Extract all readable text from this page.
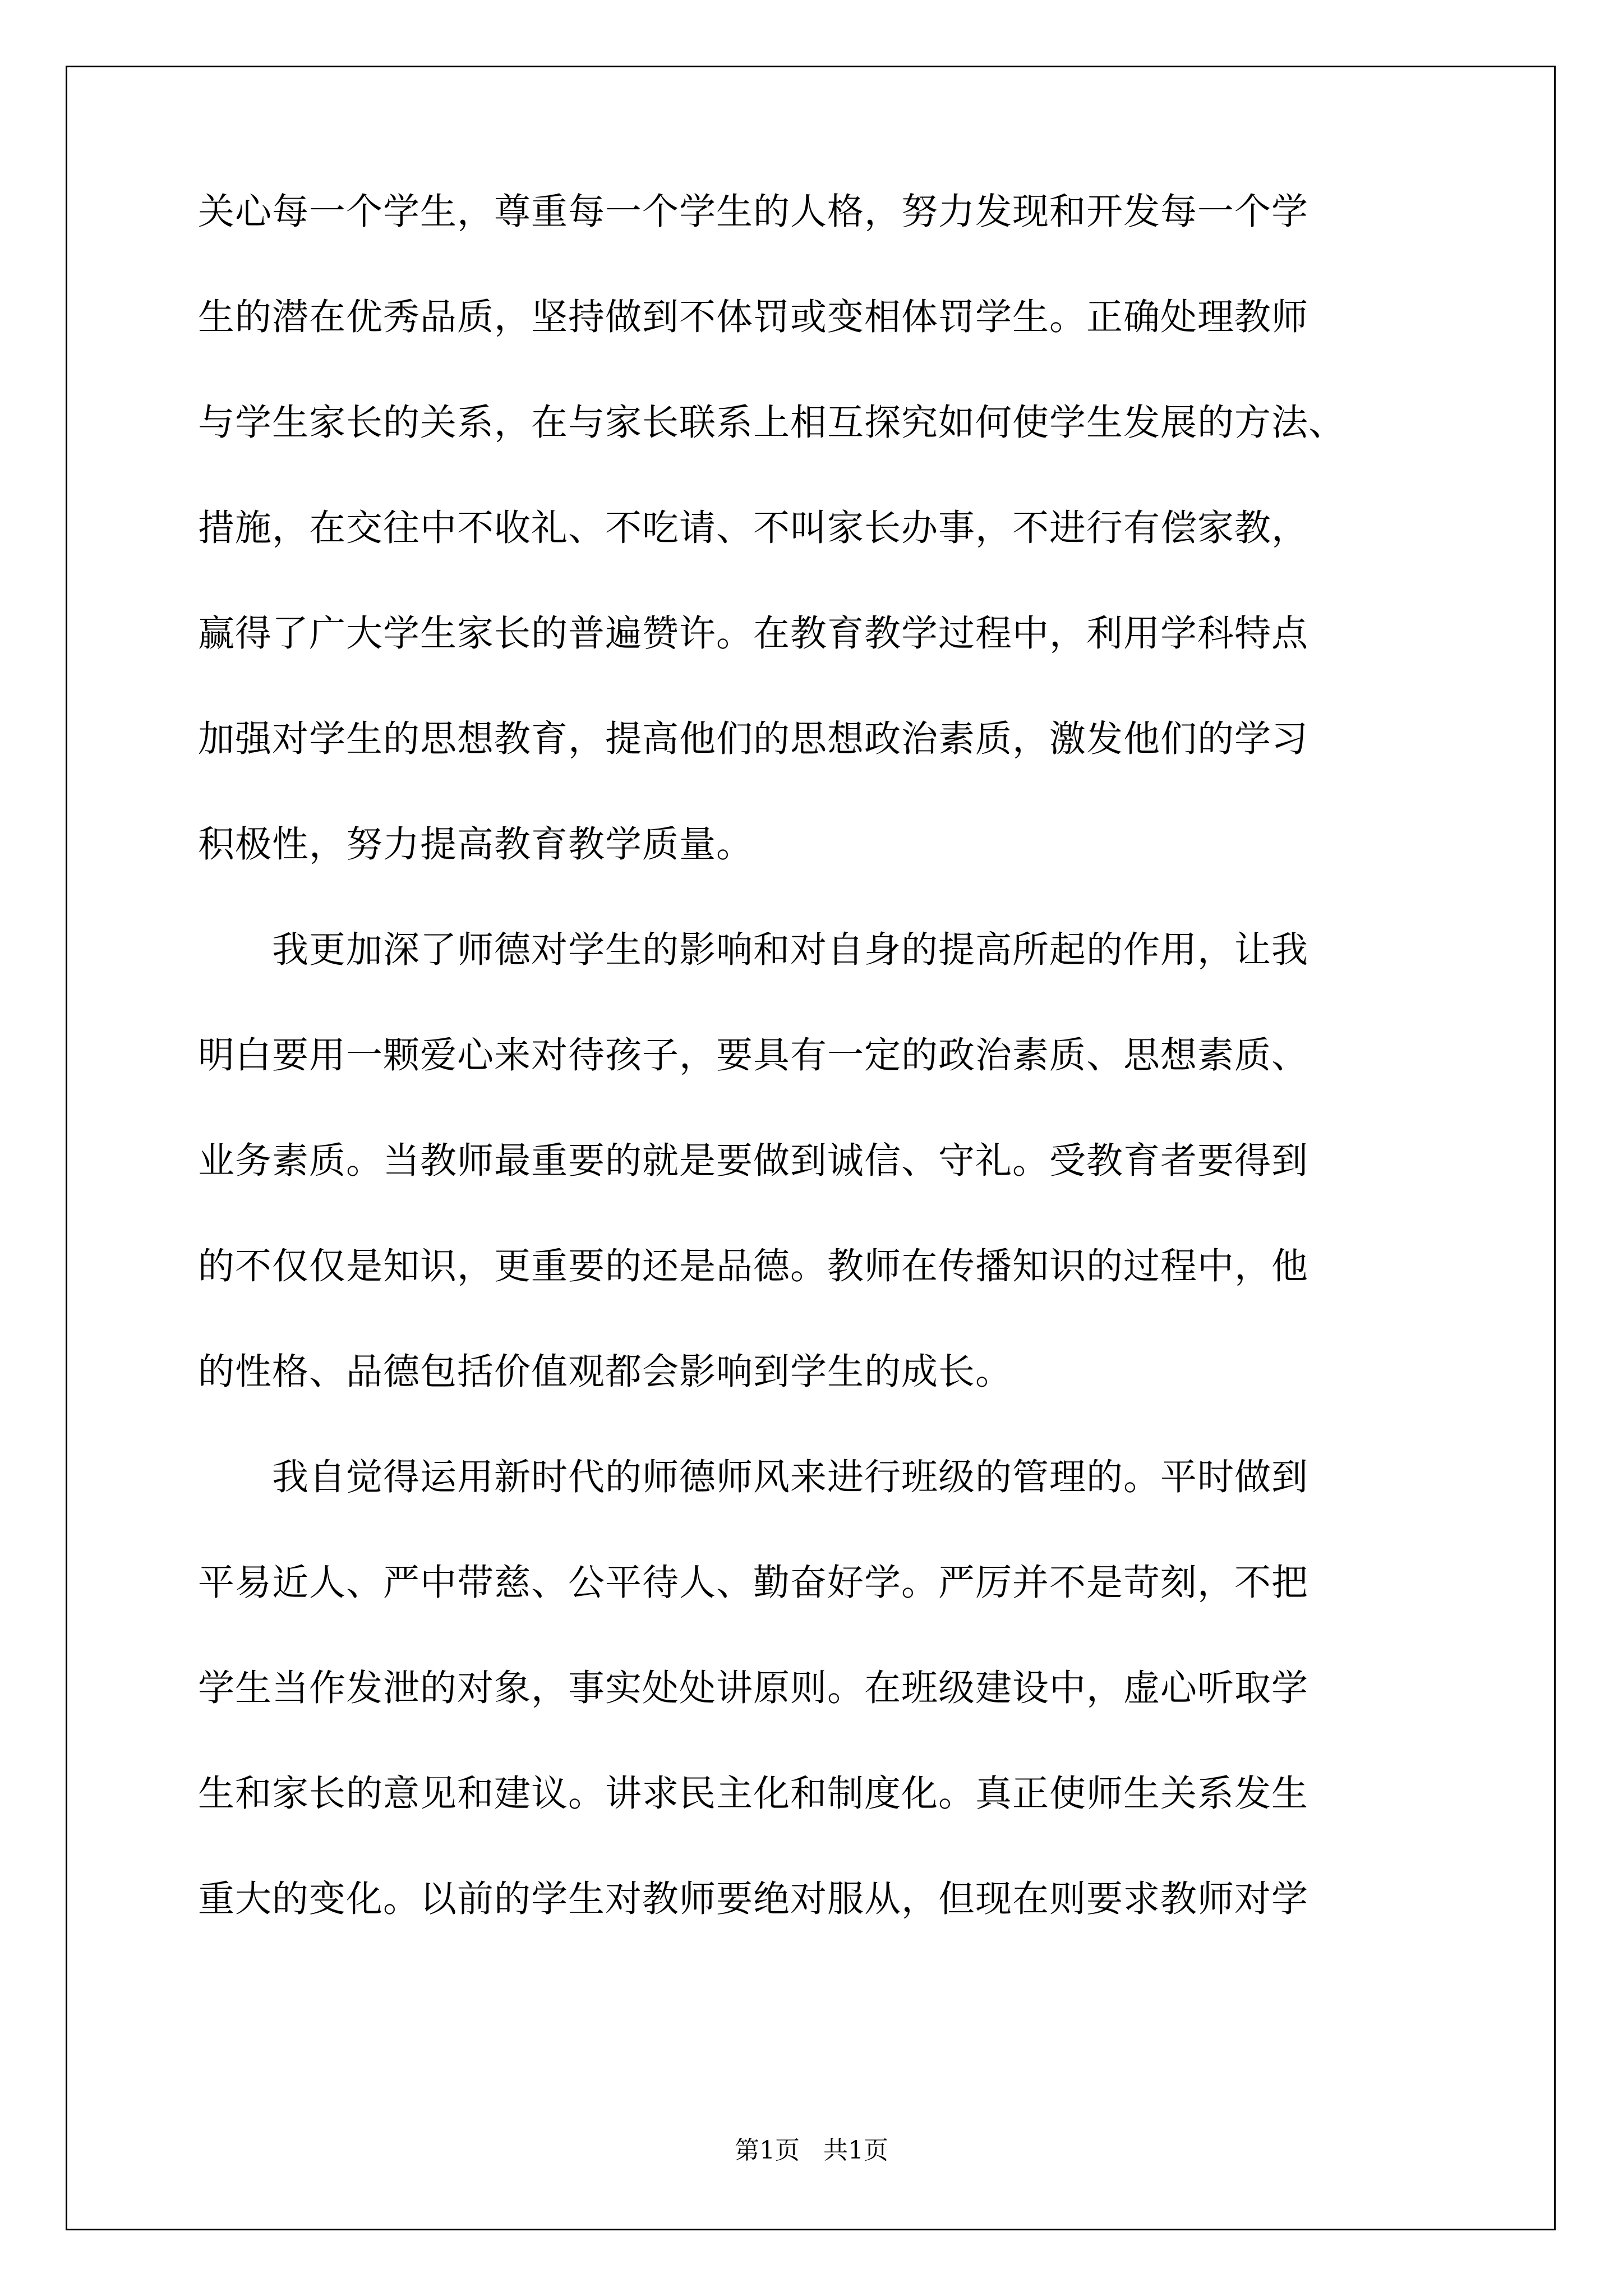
关心每一个学生，尊重每一个学生的人格，努力发现和开发每一个学
生的潜在优秀品质，坚持做到不体罚或变相体罚学生。正确处理教师
与学生家长的关系，在与家长联系上相互探究如何使学生发展的方法、
措施，在交往中不收礼、不吃请、不叫家长办事，不进行有偿家教，
赢得了广大学生家长的普遍赞许。在教育教学过程中，利用学科特点
加强对学生的思想教育，提高他们的思想政治素质，激发他们的学习
积极性，努力提高教育教学质量。
　　我更加深了师德对学生的影响和对自身的提高所起的作用，让我
明白要用一颗爱心来对待孩子，要具有一定的政治素质、思想素质、
业务素质。当教师最重要的就是要做到诚信、守礼。受教育者要得到
的不仅仅是知识，更重要的还是品德。教师在传播知识的过程中，他
的性格、品德包括价值观都会影响到学生的成长。
　　我自觉得运用新时代的师德师风来进行班级的管理的。平时做到
平易近人、严中带慈、公平待人、勤奋好学。严厉并不是苛刻，不把
学生当作发泄的对象，事实处处讲原则。在班级建设中，虚心听取学
生和家长的意见和建议。讲求民主化和制度化。真正使师生关系发生
重大的变化。以前的学生对教师要绝对服从，但现在则要求教师对学
第1页   共1页
